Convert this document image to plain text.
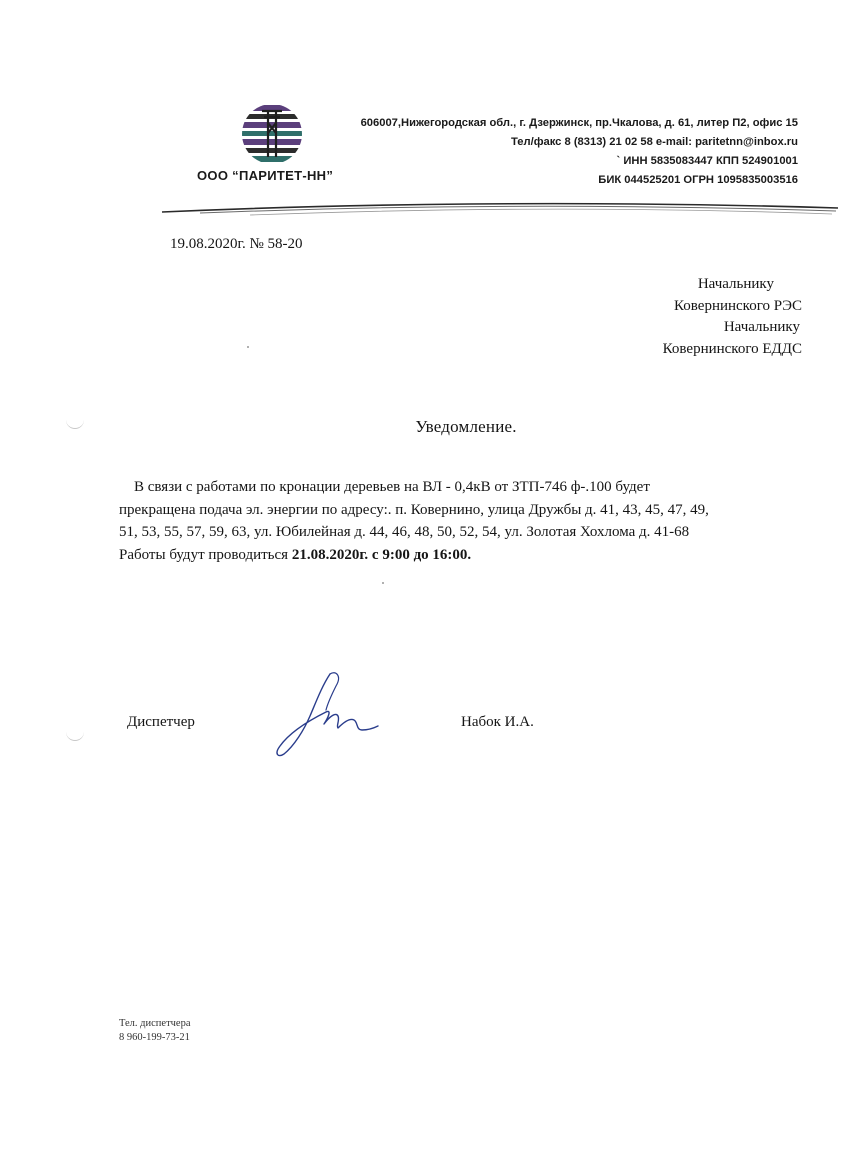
ООО “ПАРИТЕТ-НН”
606007,Нижегородская обл., г. Дзержинск, пр.Чкалова, д. 61, литер П2, офис 15
Тел/факс 8 (8313) 21 02 58 e-mail: paritetnn@inbox.ru
` ИНН 5835083447 КПП 524901001
БИК 044525201 ОГРН 1095835003516
19.08.2020г. № 58-20
Начальнику
Ковернинского РЭС
Начальнику
Ковернинского ЕДДС
Уведомление.
В связи с работами по кронации деревьев на ВЛ - 0,4кВ от ЗТП-746 ф-.100 будет
прекращена подача эл. энергии по адресу:. п. Ковернино, улица Дружбы д. 41, 43, 45, 47, 49,
51, 53, 55, 57, 59, 63, ул. Юбилейная д. 44, 46, 48, 50, 52, 54, ул. Золотая Хохлома д. 41-68
Работы будут проводиться 21.08.2020г. с 9:00 до 16:00.
Диспетчер	Набок И.А.
Тел. диспетчера
8 960-199-73-21
